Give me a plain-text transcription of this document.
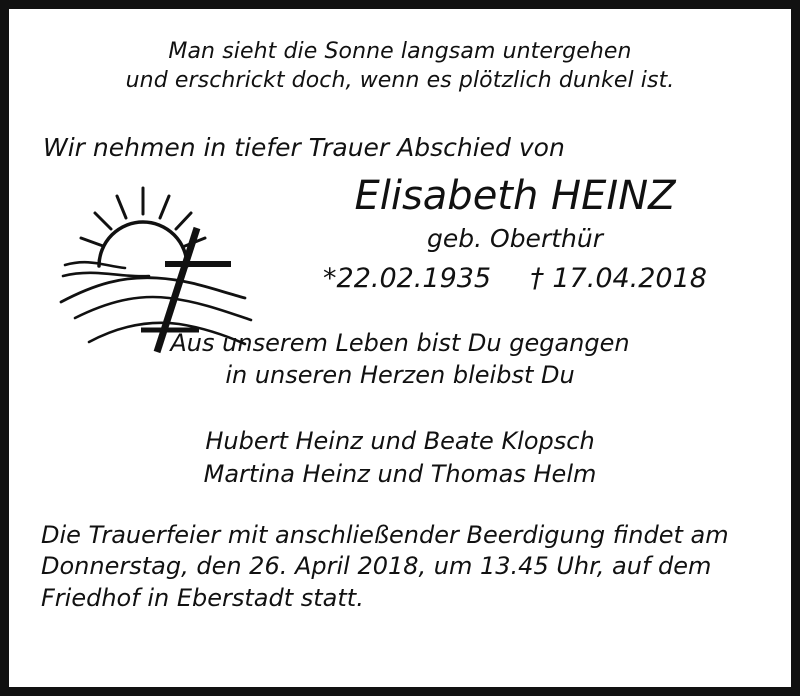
Man sieht die Sonne langsam untergehen
und erschrickt doch, wenn es plötzlich dunkel ist.
Wir nehmen in tiefer Trauer Abschied von
Elisabeth HEINZ
geb. Oberthür
*22.02.1935 † 17.04.2018
Aus unserem Leben bist Du gegangen
in unseren Herzen bleibst Du
Hubert Heinz und Beate Klopsch
Martina Heinz und Thomas Helm
Die Trauerfeier mit anschließender Beerdigung findet am
Donnerstag, den 26. April 2018, um 13.45 Uhr, auf dem
Friedhof in Eberstadt statt.
